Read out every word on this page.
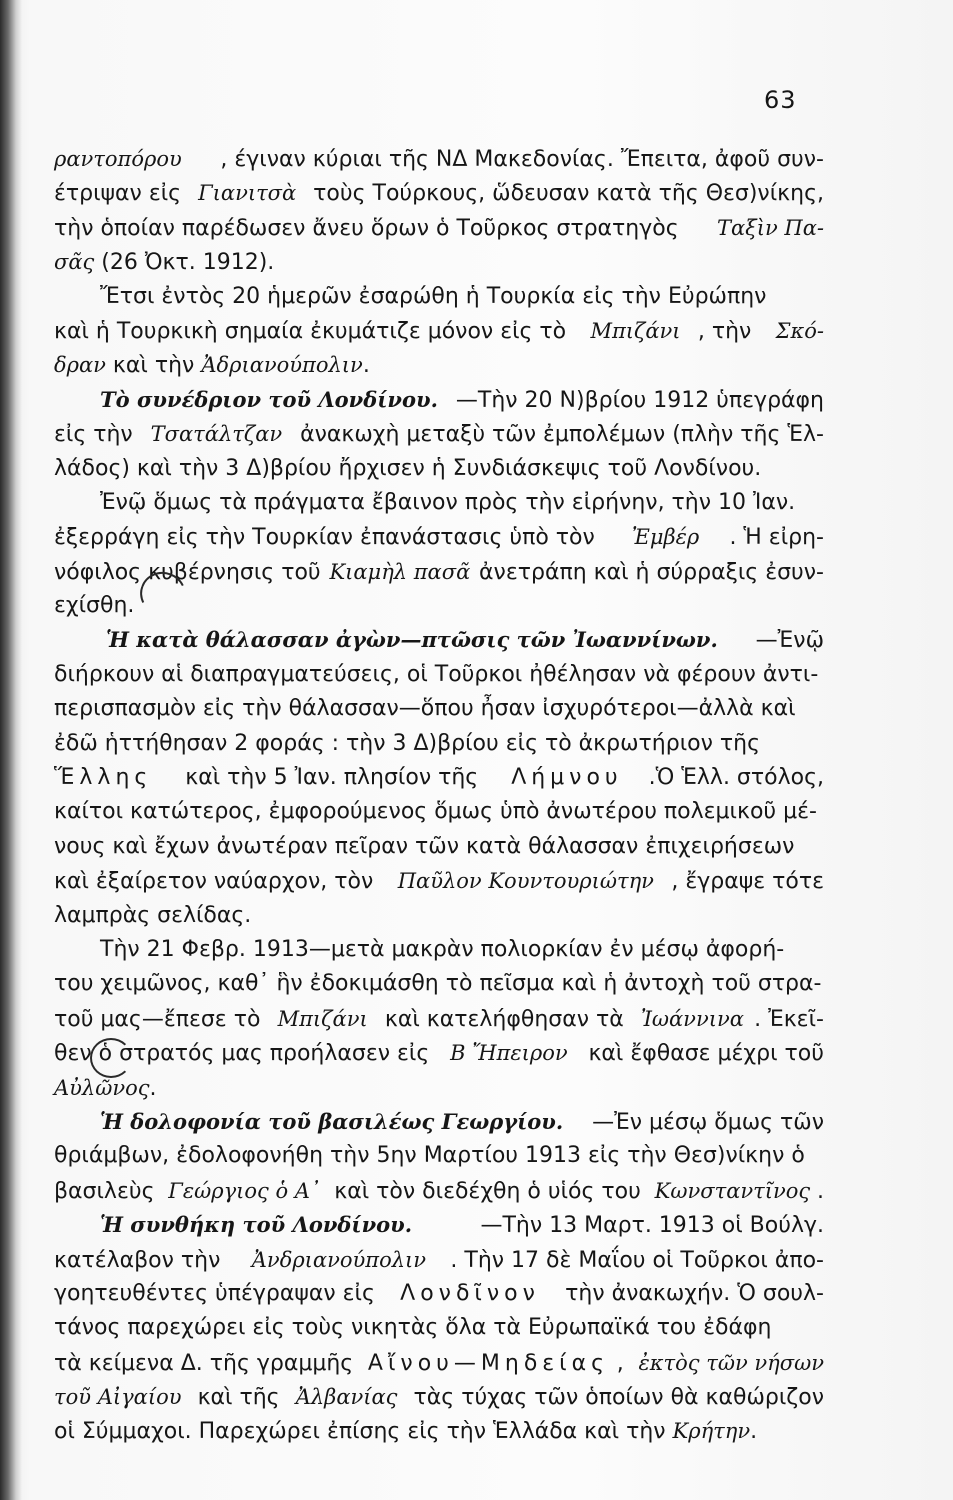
63
ραντοπόρου , έγιναν κύριαι τῆς ΝΔ Μακεδονίας. Ἔπειτα, ἀφοῦ συν-
έτριψαν εἰς Γιανιτσὰ τοὺς Τούρκους, ὥδευσαν κατὰ τῆς Θεσ)νίκης,
τὴν ὁποίαν παρέδωσεν ἄνευ ὅρων ὁ Τοῦρκος στρατηγὸς Ταξὶν Πα-
σᾶς (26 Ὀκτ. 1912).
Ἔτσι ἐντὸς 20 ἡμερῶν ἐσαρώθη ἡ Τουρκία εἰς τὴν Εὐρώπην
καὶ ἡ Τουρκικὴ σημαία ἐκυμάτιζε μόνον εἰς τὸ Μπιζάνι , τὴν Σκό-
δραν καὶ τὴν Ἀδριανούπολιν .
Τὸ συνέδριον τοῦ Λονδίνου. —Τὴν 20 Ν)βρίου 1912 ὑπεγράφη
εἰς τὴν Τσατάλτζαν ἀνακωχὴ μεταξὺ τῶν ἐμπολέμων (πλὴν τῆς Ἑλ-
λάδος) καὶ τὴν 3 Δ)βρίου ἤρχισεν ἡ Συνδιάσκεψις τοῦ Λονδίνου.
Ἐνῷ ὅμως τὰ πράγματα ἔβαινον πρὸς τὴν εἰρήνην, τὴν 10 Ἰαν.
ἐξερράγη εἰς τὴν Τουρκίαν ἐπανάστασις ὑπὸ τὸν Ἐμβέρ . Ἡ εἰρη-
νόφιλος κυβέρνησις τοῦ Κιαμὴλ πασᾶ ἀνετράπη καὶ ἡ σύρραξις ἐσυν-
εχίσθη.
Ἡ κατὰ θάλασσαν ἀγὼν—πτῶσις τῶν Ἰωαννίνων. —Ἐνῷ
διήρκουν αἱ διαπραγματεύσεις, οἱ Τοῦρκοι ἠθέλησαν νὰ φέρουν ἀντι-
περισπασμὸν εἰς τὴν θάλασσαν—ὅπου ἦσαν ἰσχυρότεροι—ἀλλὰ καὶ
ἐδῶ ἡττήθησαν 2 φοράς : τὴν 3 Δ)βρίου εἰς τὸ ἀκρωτήριον τῆς
Ἕλλης καὶ τὴν 5 Ἰαν. πλησίον τῆς Λήμνου .Ὁ Ἑλλ. στόλος,
καίτοι κατώτερος, ἐμφορούμενος ὅμως ὑπὸ ἀνωτέρου πολεμικοῦ μέ-
νους καὶ ἔχων ἀνωτέραν πεῖραν τῶν κατὰ θάλασσαν ἐπιχειρήσεων
καὶ ἐξαίρετον ναύαρχον, τὸν Παῦλον Κουντουριώτην , ἔγραψε τότε
λαμπρὰς σελίδας.
Τὴν 21 Φεβρ. 1913—μετὰ μακρὰν πολιορκίαν ἐν μέσῳ ἀφορή-
του χειμῶνος, καθ᾽ ἣν ἐδοκιμάσθη τὸ πεῖσμα καὶ ἡ ἀντοχὴ τοῦ στρα-
τοῦ μας—ἔπεσε τὸ Μπιζάνι καὶ κατελήφθησαν τὰ Ἰωάννινα . Ἐκεῖ-
θεν ὁ στρατός μας προήλασεν εἰς Β Ἤπειρον καὶ ἔφθασε μέχρι τοῦ
Αὐλῶνος .
Ἡ δολοφονία τοῦ βασιλέως Γεωργίου. —Ἐν μέσῳ ὅμως τῶν
θριάμβων, ἐδολοφονήθη τὴν 5ην Μαρτίου 1913 εἰς τὴν Θεσ)νίκην ὁ
βασιλεὺς Γεώργιος ὁ Α᾽ καὶ τὸν διεδέχθη ὁ υἱός του Κωνσταντῖνος .
Ἡ συνθήκη τοῦ Λονδίνου.	—Τὴν 13 Μαρτ. 1913 οἱ Βούλγ.
κατέλαβον τὴν Ἀνδριανούπολιν . Τὴν 17 δὲ Μαΐου οἱ Τοῦρκοι ἀπο-
γοητευθέντες ὑπέγραψαν εἰς Λονδῖνον τὴν ἀνακωχήν. Ὁ σουλ-
τάνος παρεχώρει εἰς τοὺς νικητὰς ὅλα τὰ Εὐρωπαϊκά του ἐδάφη
τὰ κείμενα Δ. τῆς γραμμῆς Αἴνου—Μηδείας , ἐκτὸς τῶν νήσων
τοῦ Αἰγαίου καὶ τῆς Ἀλβανίας τὰς τύχας τῶν ὁποίων θὰ καθώριζον
οἱ Σύμμαχοι. Παρεχώρει ἐπίσης εἰς τὴν Ἑλλάδα καὶ τὴν Κρήτην .
